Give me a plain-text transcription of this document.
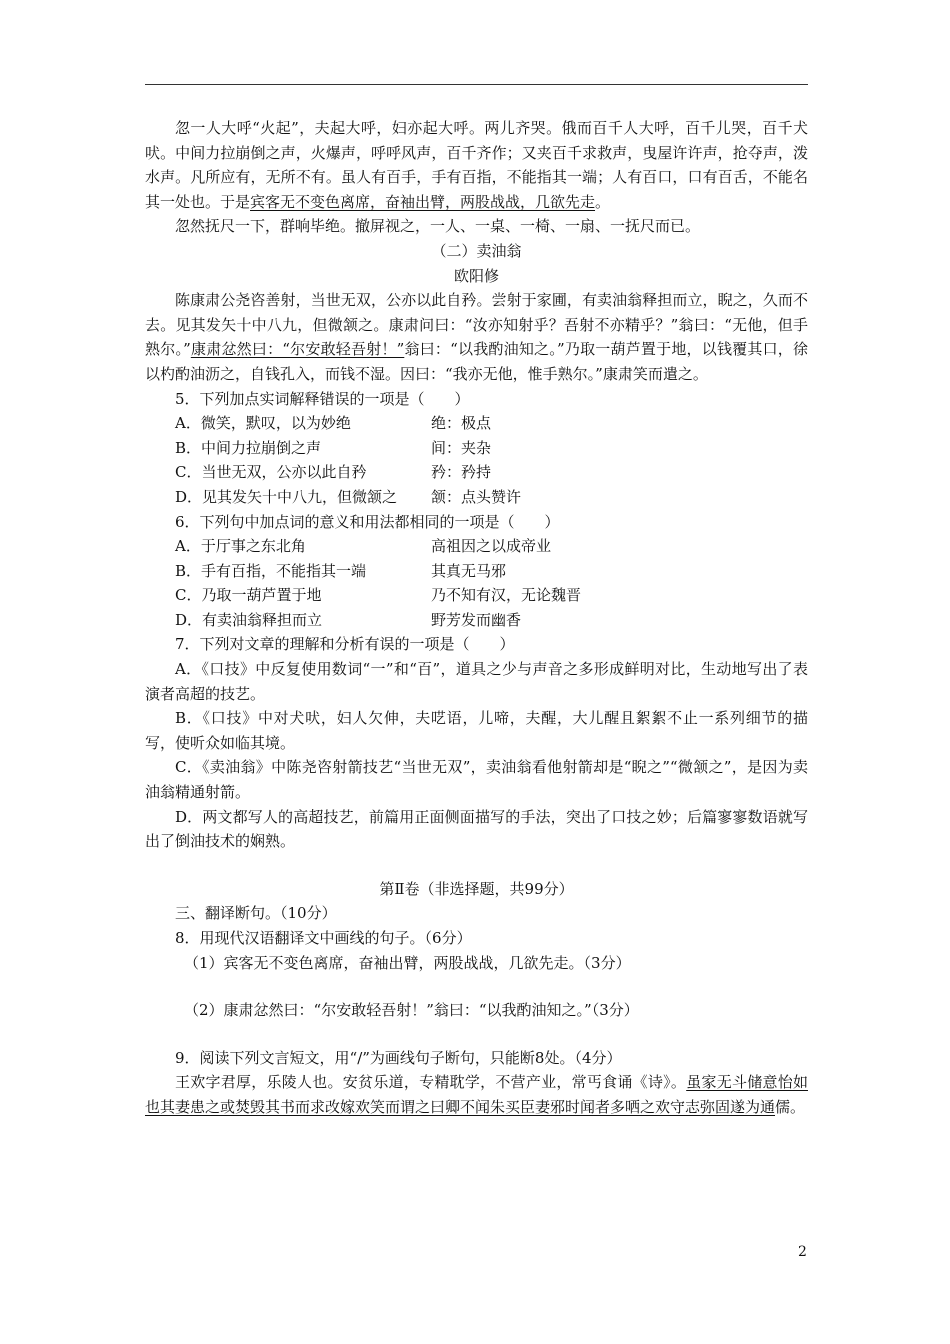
忽一人大呼“火起”，夫起大呼，妇亦起大呼。两儿齐哭。俄而百千人大呼，百千儿哭，百千犬吠。中间力拉崩倒之声，火爆声，呼呼风声，百千齐作；又夹百千求救声，曳屋许许声，抢夺声，泼水声。凡所应有，无所不有。虽人有百手，手有百指，不能指其一端；人有百口，口有百舌，不能名其一处也。于是宾客无不变色离席，奋袖出臂，两股战战，几欲先走。

忽然抚尺一下，群响毕绝。撤屏视之，一人、一桌、一椅、一扇、一抚尺而已。

（二）卖油翁

欧阳修

陈康肃公尧咨善射，当世无双，公亦以此自矜。尝射于家圃，有卖油翁释担而立，睨之，久而不去。见其发矢十中八九，但微颔之。康肃问曰：“汝亦知射乎？吾射不亦精乎？”翁曰：“无他，但手熟尔。”康肃忿然曰：“尔安敢轻吾射！”翁曰：“以我酌油知之。”乃取一葫芦置于地，以钱覆其口，徐以杓酌油沥之，自钱孔入，而钱不湿。因曰：“我亦无他，惟手熟尔。”康肃笑而遣之。

5．下列加点实词解释错误的一项是（　　）

A．微笑，默叹，以为妙绝	绝：极点
B．中间力拉崩倒之声	间：夹杂
C．当世无双，公亦以此自矜	矜：矜持
D．见其发矢十中八九，但微颔之	颔：点头赞许

6．下列句中加点词的意义和用法都相同的一项是（　　）

A．于厅事之东北角	高祖因之以成帝业
B．手有百指，不能指其一端	其真无马邪
C．乃取一葫芦置于地	乃不知有汉，无论魏晋
D．有卖油翁释担而立	野芳发而幽香

7．下列对文章的理解和分析有误的一项是（　　）

A．《口技》中反复使用数词“一”和“百”，道具之少与声音之多形成鲜明对比，生动地写出了表演者高超的技艺。

B．《口技》中对犬吠，妇人欠伸，夫呓语，儿啼，夫醒，大儿醒且絮絮不止一系列细节的描写，使听众如临其境。

C．《卖油翁》中陈尧咨射箭技艺“当世无双”，卖油翁看他射箭却是“睨之”“微颔之”，是因为卖油翁精通射箭。

D．两文都写人的高超技艺，前篇用正面侧面描写的手法，突出了口技之妙；后篇寥寥数语就写出了倒油技术的娴熟。

第Ⅱ卷（非选择题，共99分）

三、翻译断句。（10分）

8．用现代汉语翻译文中画线的句子。（6分）

（1）宾客无不变色离席，奋袖出臂，两股战战，几欲先走。（3分）

（2）康肃忿然曰：“尔安敢轻吾射！”翁曰：“以我酌油知之。”（3分）

9．阅读下列文言短文，用“/”为画线句子断句，只能断8处。（4分）

王欢字君厚，乐陵人也。安贫乐道，专精耽学，不营产业，常丐食诵《诗》。虽家无斗储意怡如也其妻患之或焚毁其书而求改嫁欢笑而谓之曰卿不闻朱买臣妻邪时闻者多哂之欢守志弥固遂为通儒。

2
